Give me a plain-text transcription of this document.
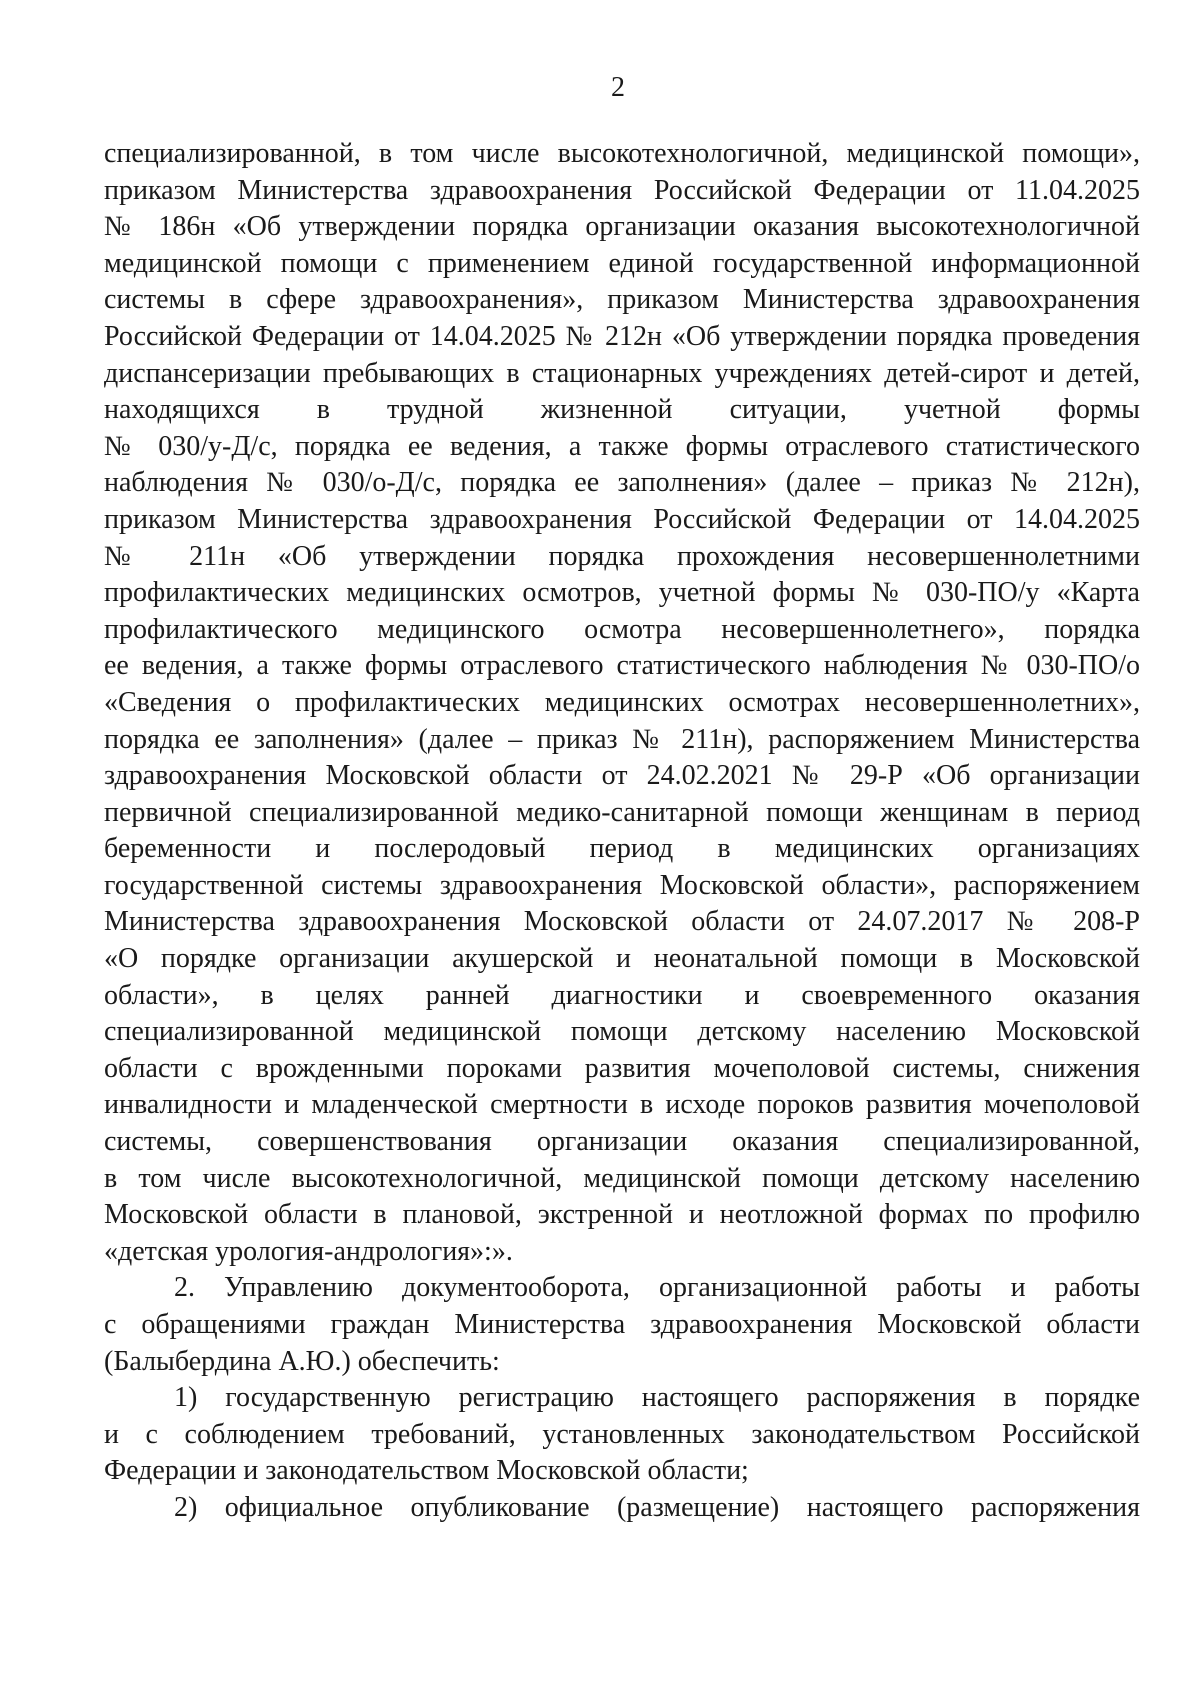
2
специализированной, в том числе высокотехнологичной, медицинской помощи»,
приказом Министерства здравоохранения Российской Федерации от 11.04.2025
№ 186н «Об утверждении порядка организации оказания высокотехнологичной
медицинской помощи с применением единой государственной информационной
системы в сфере здравоохранения», приказом Министерства здравоохранения
Российской Федерации от 14.04.2025 № 212н «Об утверждении порядка проведения
диспансеризации пребывающих в стационарных учреждениях детей-сирот и детей,
находящихся в трудной жизненной ситуации, учетной формы
№ 030/у-Д/с, порядка ее ведения, а также формы отраслевого статистического
наблюдения № 030/о-Д/с, порядка ее заполнения» (далее – приказ № 212н),
приказом Министерства здравоохранения Российской Федерации от 14.04.2025
№ 211н «Об утверждении порядка прохождения несовершеннолетними
профилактических медицинских осмотров, учетной формы № 030-ПО/у «Карта
профилактического медицинского осмотра несовершеннолетнего», порядка
ее ведения, а также формы отраслевого статистического наблюдения № 030-ПО/о
«Сведения о профилактических медицинских осмотрах несовершеннолетних»,
порядка ее заполнения» (далее – приказ № 211н), распоряжением Министерства
здравоохранения Московской области от 24.02.2021 № 29-Р «Об организации
первичной специализированной медико-санитарной помощи женщинам в период
беременности и послеродовый период в медицинских организациях
государственной системы здравоохранения Московской области», распоряжением
Министерства здравоохранения Московской области от 24.07.2017 № 208-Р
«О порядке организации акушерской и неонатальной помощи в Московской
области», в целях ранней диагностики и своевременного оказания
специализированной медицинской помощи детскому населению Московской
области с врожденными пороками развития мочеполовой системы, снижения
инвалидности и младенческой смертности в исходе пороков развития мочеполовой
системы, совершенствования организации оказания специализированной,
в том числе высокотехнологичной, медицинской помощи детскому населению
Московской области в плановой, экстренной и неотложной формах по профилю
«детская урология-андрология»:».
2. Управлению документооборота, организационной работы и работы
с обращениями граждан Министерства здравоохранения Московской области
(Балыбердина А.Ю.) обеспечить:
1) государственную регистрацию настоящего распоряжения в порядке
и с соблюдением требований, установленных законодательством Российской
Федерации и законодательством Московской области;
2) официальное опубликование (размещение) настоящего распоряжения
